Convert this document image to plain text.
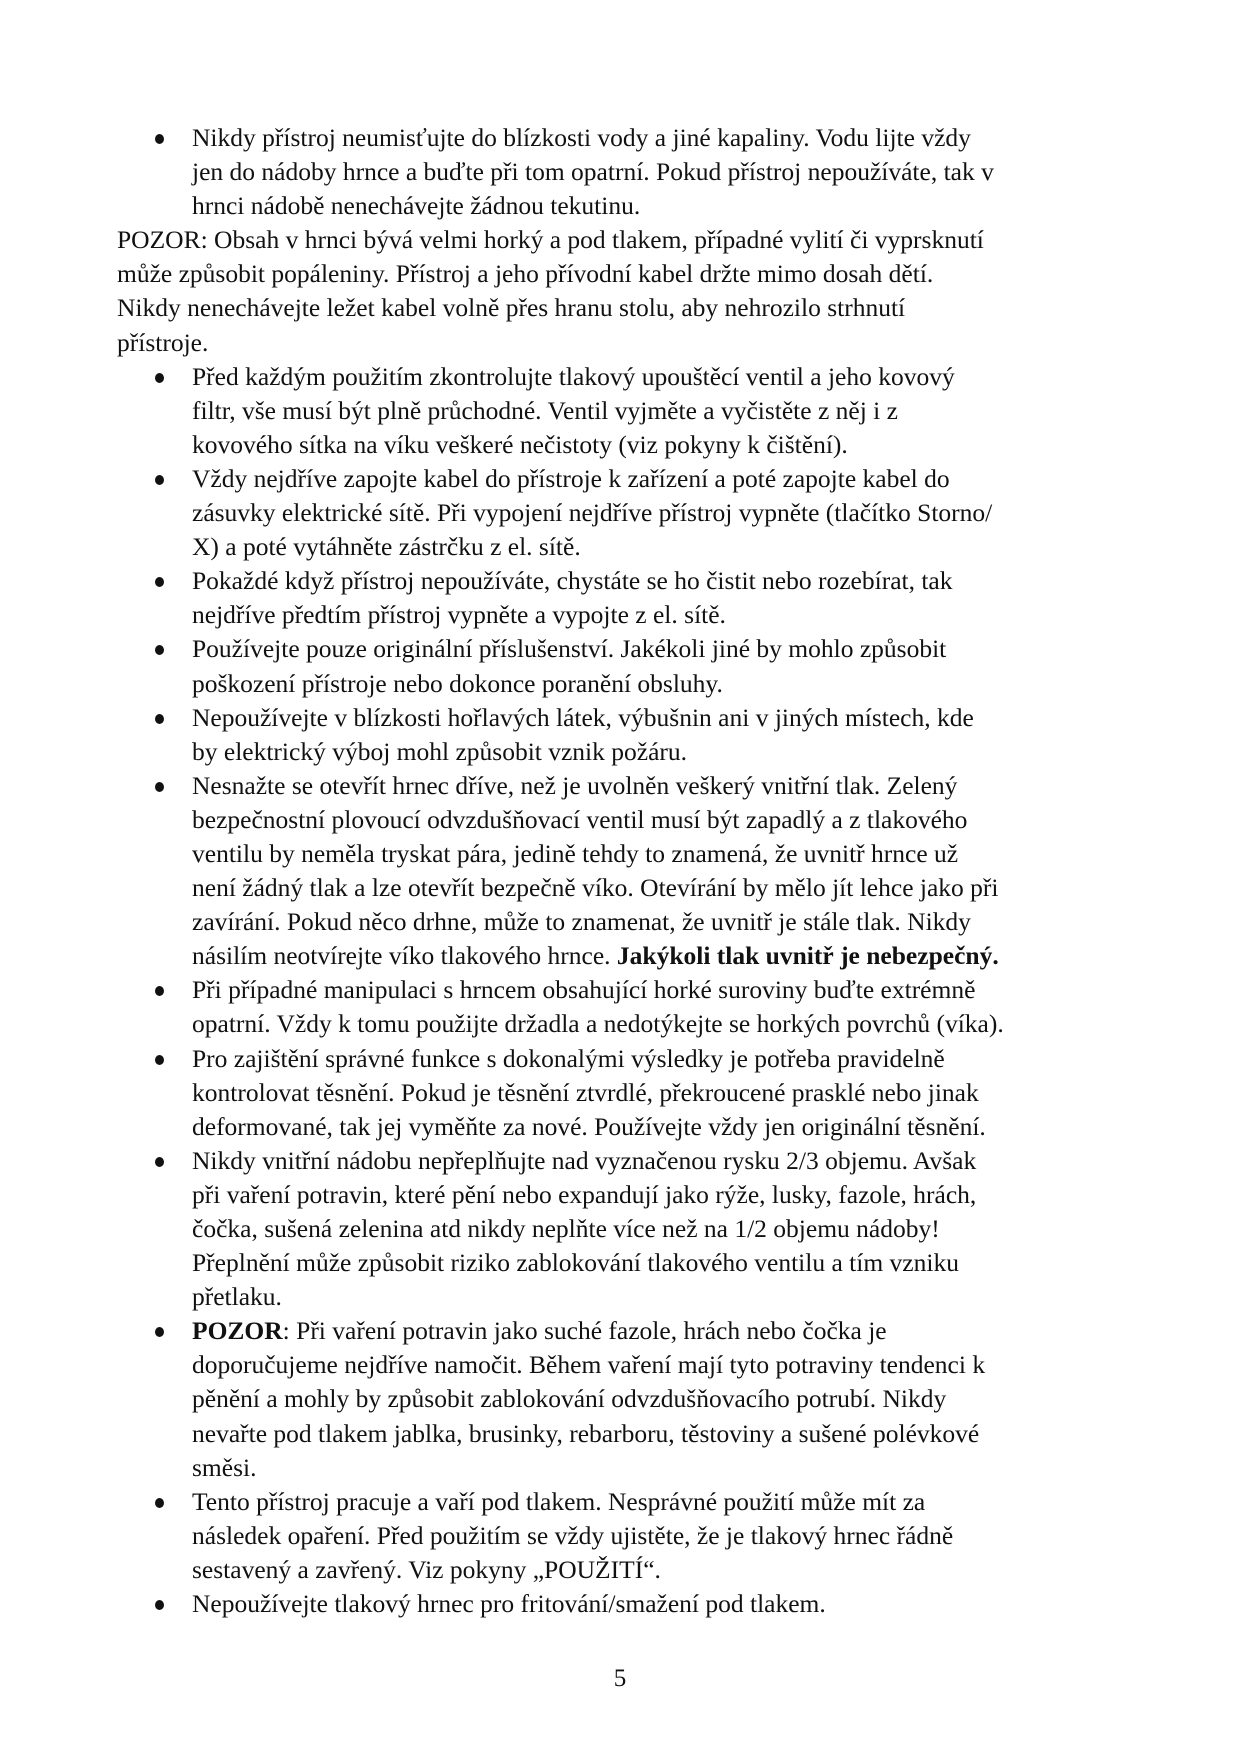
Nikdy přístroj neumisťujte do blízkosti vody a jiné kapaliny. Vodu lijte vždy
jen do nádoby hrnce a buďte při tom opatrní. Pokud přístroj nepoužíváte, tak v
hrnci nádobě nenechávejte žádnou tekutinu.
POZOR: Obsah v hrnci bývá velmi horký a pod tlakem, případné vylití či vyprsknutí
může způsobit popáleniny. Přístroj a jeho přívodní kabel držte mimo dosah dětí.
Nikdy nenechávejte ležet kabel volně přes hranu stolu, aby nehrozilo strhnutí
přístroje.
Před každým použitím zkontrolujte tlakový upouštěcí ventil a jeho kovový
filtr, vše musí být plně průchodné. Ventil vyjměte a vyčistěte z něj i z
kovového sítka na víku veškeré nečistoty (viz pokyny k čištění).
Vždy nejdříve zapojte kabel do přístroje k zařízení a poté zapojte kabel do
zásuvky elektrické sítě. Při vypojení nejdříve přístroj vypněte (tlačítko Storno/
X) a poté vytáhněte zástrčku z el. sítě.
Pokaždé když přístroj nepoužíváte, chystáte se ho čistit nebo rozebírat, tak
nejdříve předtím přístroj vypněte a vypojte z el. sítě.
Používejte pouze originální příslušenství. Jakékoli jiné by mohlo způsobit
poškození přístroje nebo dokonce poranění obsluhy.
Nepoužívejte v blízkosti hořlavých látek, výbušnin ani v jiných místech, kde
by elektrický výboj mohl způsobit vznik požáru.
Nesnažte se otevřít hrnec dříve, než je uvolněn veškerý vnitřní tlak. Zelený
bezpečnostní plovoucí odvzdušňovací ventil musí být zapadlý a z tlakového
ventilu by neměla tryskat pára, jedině tehdy to znamená, že uvnitř hrnce už
není žádný tlak a lze otevřít bezpečně víko. Otevírání by mělo jít lehce jako při
zavírání. Pokud něco drhne, může to znamenat, že uvnitř je stále tlak. Nikdy
násilím neotvírejte víko tlakového hrnce. Jakýkoli tlak uvnitř je nebezpečný.
Při případné manipulaci s hrncem obsahující horké suroviny buďte extrémně
opatrní. Vždy k tomu použijte držadla a nedotýkejte se horkých povrchů (víka).
Pro zajištění správné funkce s dokonalými výsledky je potřeba pravidelně
kontrolovat těsnění. Pokud je těsnění ztvrdlé, překroucené prasklé nebo jinak
deformované, tak jej vyměňte za nové. Používejte vždy jen originální těsnění.
Nikdy vnitřní nádobu nepřeplňujte nad vyznačenou rysku 2/3 objemu. Avšak
při vaření potravin, které pění nebo expandují jako rýže, lusky, fazole, hrách,
čočka, sušená zelenina atd nikdy neplňte více než na 1/2 objemu nádoby!
Přeplnění může způsobit riziko zablokování tlakového ventilu a tím vzniku
přetlaku.
POZOR: Při vaření potravin jako suché fazole, hrách nebo čočka je
doporučujeme nejdříve namočit. Během vaření mají tyto potraviny tendenci k
pěnění a mohly by způsobit zablokování odvzdušňovacího potrubí. Nikdy
nevařte pod tlakem jablka, brusinky, rebarboru, těstoviny a sušené polévkové
směsi.
Tento přístroj pracuje a vaří pod tlakem. Nesprávné použití může mít za
následek opaření. Před použitím se vždy ujistěte, že je tlakový hrnec řádně
sestavený a zavřený. Viz pokyny „POUŽITÍ“.
Nepoužívejte tlakový hrnec pro fritování/smažení pod tlakem.
5
